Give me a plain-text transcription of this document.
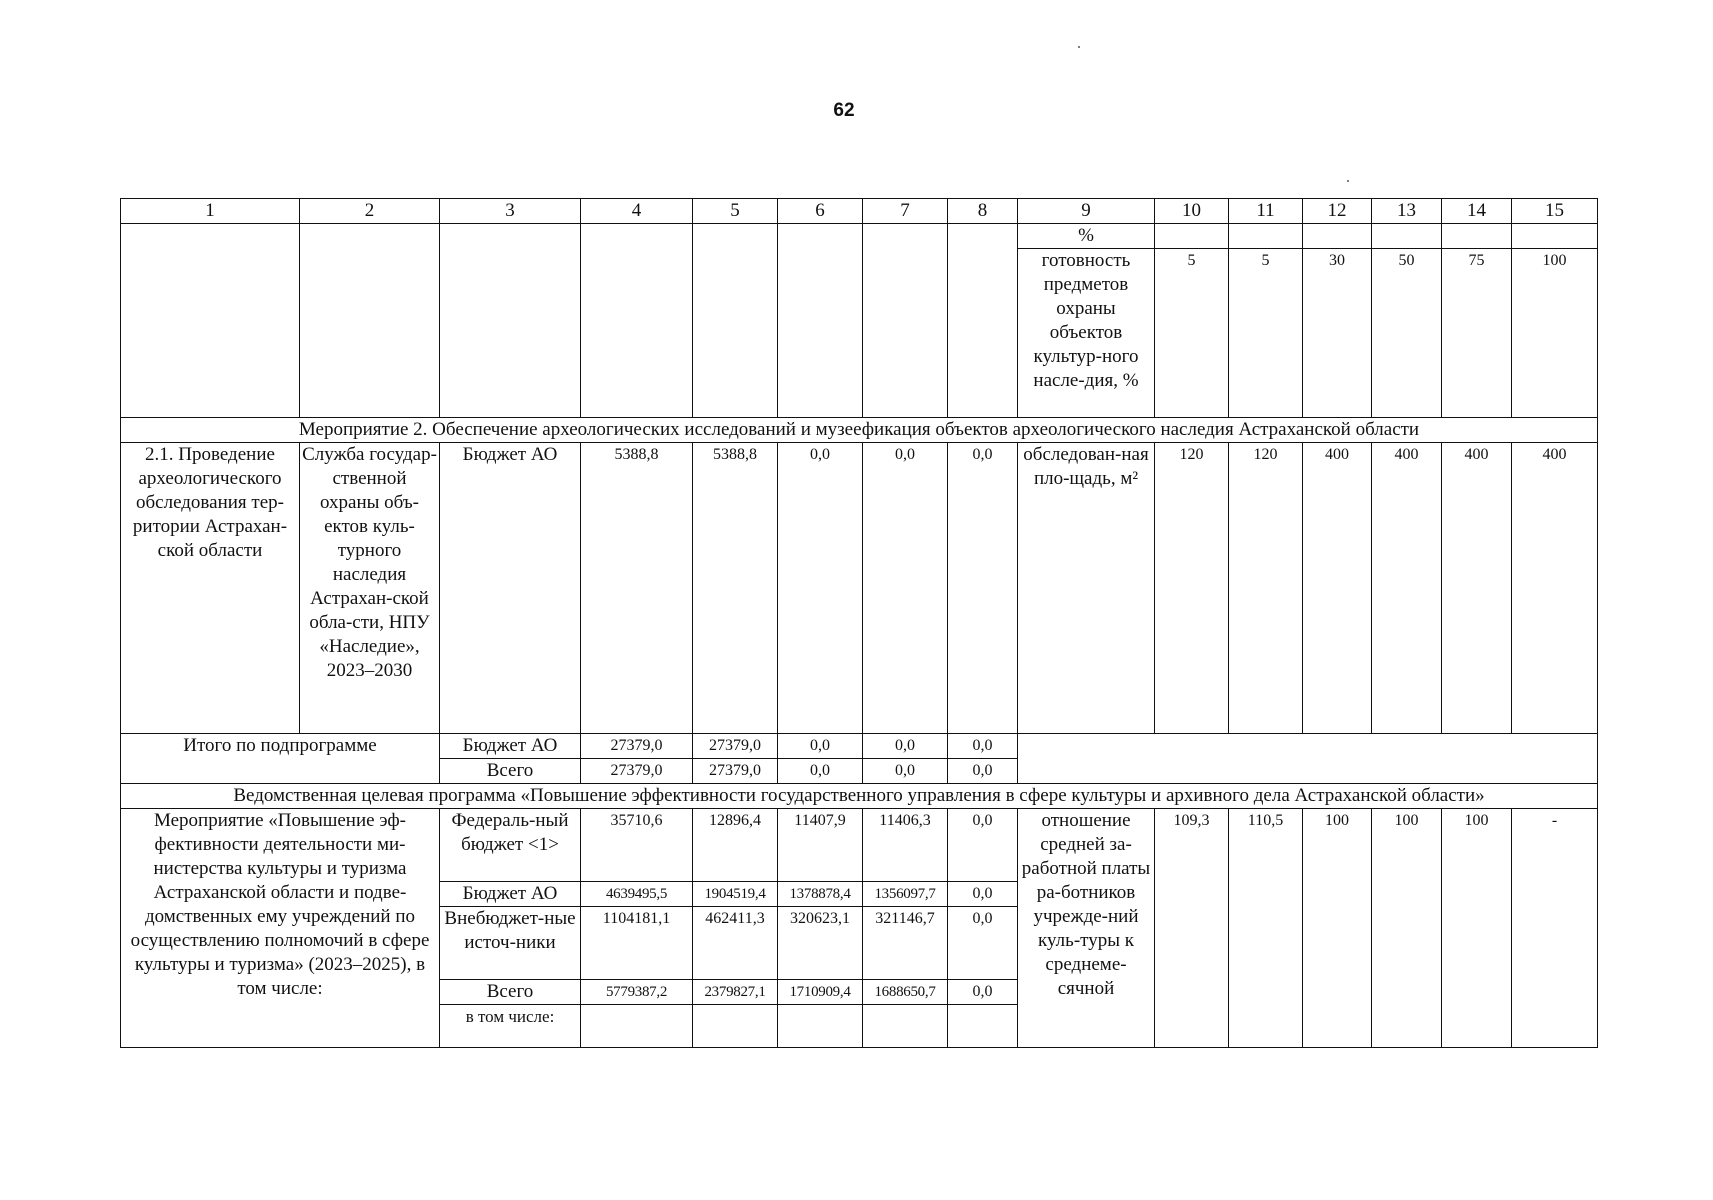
62
1	2	3	4	5	6	7	8	9	10	11	12	13	14	15
								%						
								готовность предметов охраны объектов культур-ного насле-дия, %	5	5	30	50	75	100
Мероприятие 2. Обеспечение археологических исследований и музеефикация объектов археологического наследия Астраханской области														
2.1. Проведение археологического обследования тер-ритории Астрахан-ской области	Служба государ-ственной охраны объ-ектов куль-турного наследия Астрахан-ской обла-сти, НПУ «Наследие», 2023–2030	Бюджет АО	5388,8	5388,8	0,0	0,0	0,0	обследован-ная пло-щадь, м²	120	120	400	400	400	400
Итого по подпрограмме		Бюджет АО	27379,0	27379,0	0,0	0,0	0,0							
		Всего	27379,0	27379,0	0,0	0,0	0,0							
Ведомственная целевая программа «Повышение эффективности государственного управления в сфере культуры и архивного дела Астраханской области»														
Мероприятие «Повышение эф-фективности деятельности ми-нистерства культуры и туризма Астраханской области и подве-домственных ему учреждений по осуществлению полномочий в сфере культуры и туризма» (2023–2025), в том числе:		Федераль-ный бюджет <1>	35710,6	12896,4	11407,9	11406,3	0,0	отношение средней за-работной платы ра-ботников учрежде-ний куль-туры к среднеме-сячной	109,3	110,5	100	100	100	-
		Бюджет АО	4639495,5	1904519,4	1378878,4	1356097,7	0,0							
		Внебюджет-ные источ-ники	1104181,1	462411,3	320623,1	321146,7	0,0							
		Всего	5779387,2	2379827,1	1710909,4	1688650,7	0,0							
		в том числе:												
